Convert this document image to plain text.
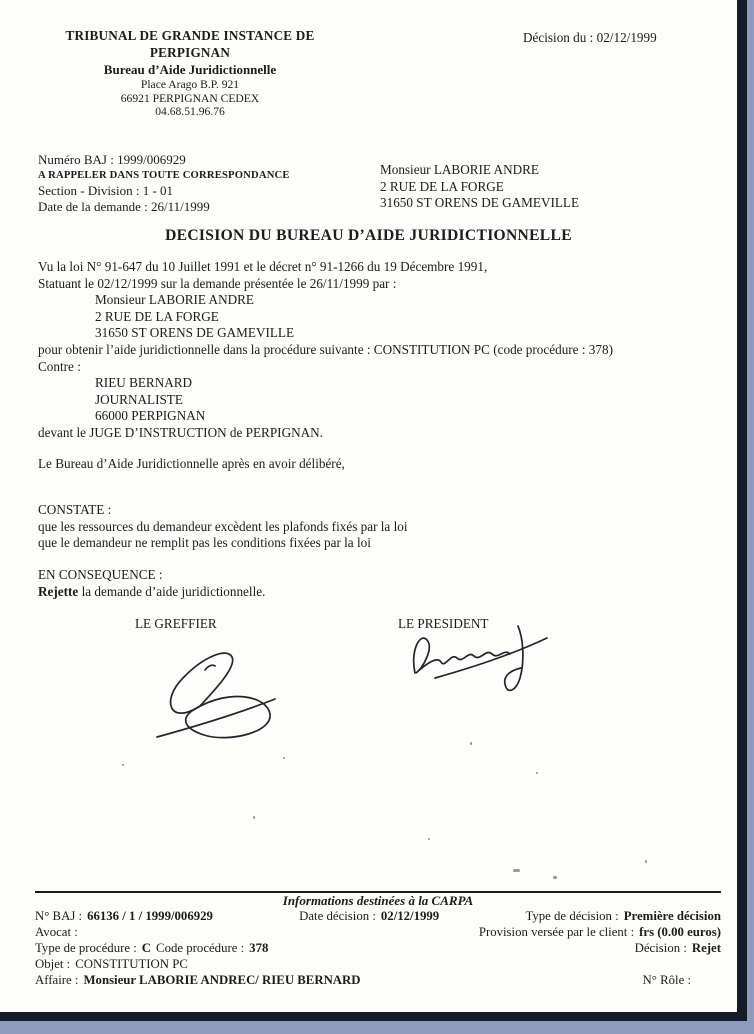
TRIBUNAL DE GRANDE INSTANCE DE
PERPIGNAN
Bureau d’Aide Juridictionnelle
Place Arago B.P. 921
66921 PERPIGNAN CEDEX
04.68.51.96.76
Décision du : 02/12/1999
Numéro BAJ : 1999/006929
A RAPPELER DANS TOUTE CORRESPONDANCE
Section - Division : 1 - 01
Date de la demande : 26/11/1999
Monsieur LABORIE ANDRE
2 RUE DE LA FORGE
31650 ST ORENS DE GAMEVILLE
DECISION DU BUREAU D’AIDE JURIDICTIONNELLE
Vu la loi N° 91-647 du 10 Juillet 1991 et le décret n° 91-1266 du 19 Décembre 1991,
Statuant le 02/12/1999 sur la demande présentée le 26/11/1999 par :
Monsieur LABORIE ANDRE
2 RUE DE LA FORGE
31650 ST ORENS DE GAMEVILLE
pour obtenir l’aide juridictionnelle dans la procédure suivante : CONSTITUTION PC (code procédure : 378)
Contre :
RIEU BERNARD
JOURNALISTE
66000 PERPIGNAN
devant le JUGE D’INSTRUCTION de PERPIGNAN.
Le Bureau d’Aide Juridictionnelle après en avoir délibéré,
CONSTATE :
que les ressources du demandeur excèdent les plafonds fixés par la loi
que le demandeur ne remplit pas les conditions fixées par la loi
EN CONSEQUENCE :
Rejette la demande d’aide juridictionnelle.
LE GREFFIER	LE PRESIDENT
Informations destinées à la CARPA
N° BAJ : 66136 / 1 / 1999/006929	Date décision : 02/12/1999	Type de décision : Première décision
Avocat :	Provision versée par le client : frs (0.00 euros)
Type de procédure : C Code procédure : 378	Décision : Rejet
Objet : CONSTITUTION PC
Affaire : Monsieur LABORIE ANDREC/ RIEU BERNARD	N° Rôle :
